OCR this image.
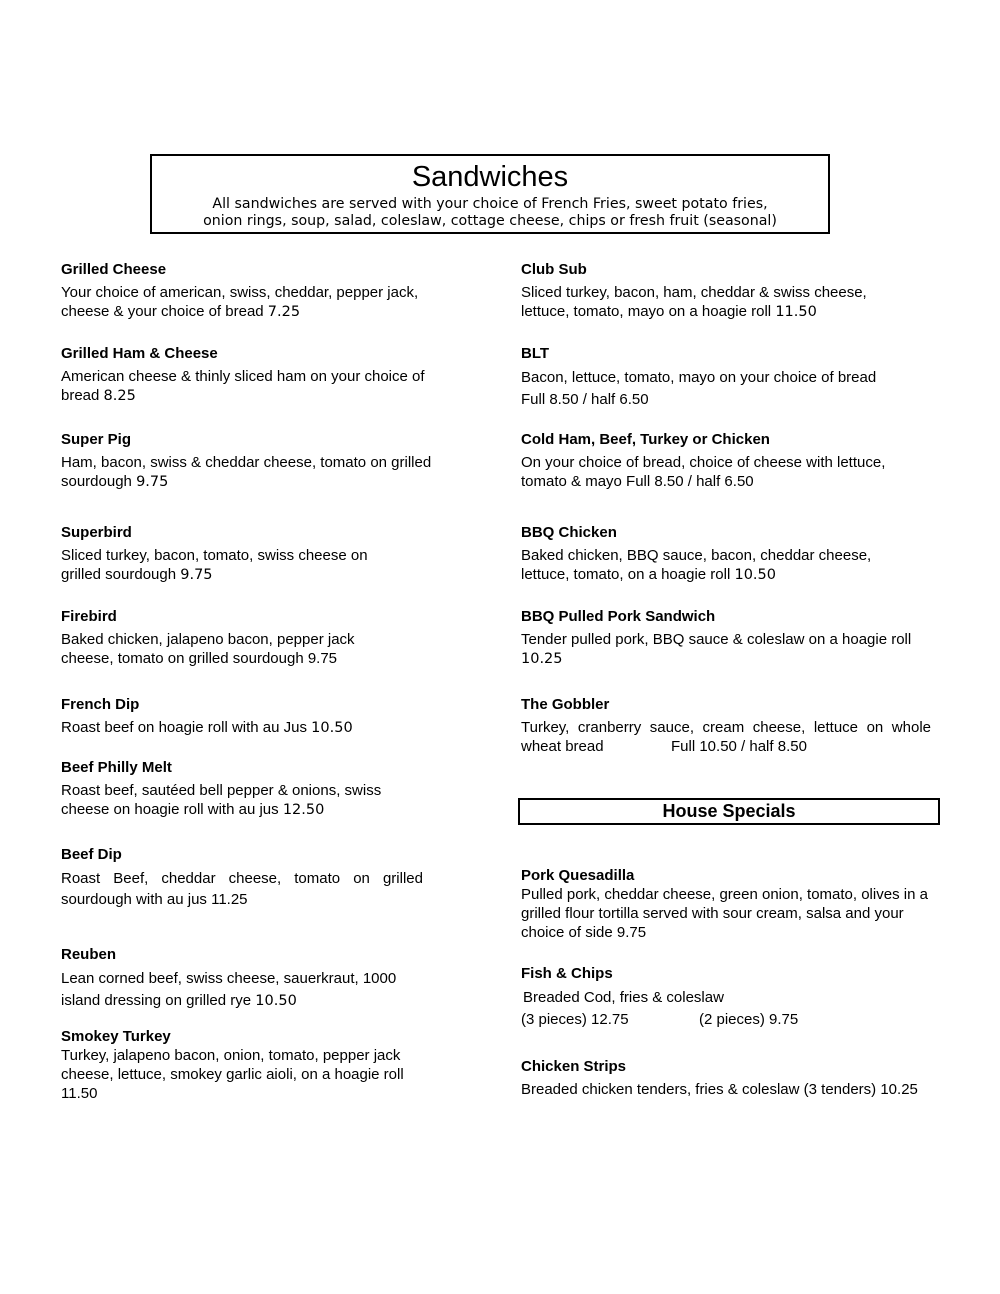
Sandwiches
All sandwiches are served with your choice of French Fries, sweet potato fries,
onion rings, soup, salad, coleslaw, cottage cheese, chips or fresh fruit (seasonal)
Grilled Cheese
Your choice of american, swiss, cheddar, pepper jack, cheese & your choice of bread 7.25
Grilled Ham & Cheese
American cheese & thinly sliced ham on your choice of bread 8.25
Super Pig
Ham, bacon, swiss & cheddar cheese, tomato on grilled sourdough 9.75
Superbird
Sliced turkey, bacon, tomato, swiss cheese on grilled sourdough 9.75
Firebird
Baked chicken, jalapeno bacon, pepper jack cheese, tomato on grilled sourdough 9.75
French Dip
Roast beef on hoagie roll with au Jus 10.50
Beef Philly Melt
Roast beef, sautéed bell pepper & onions, swiss cheese on hoagie roll with au jus 12.50
Beef Dip
Roast Beef, cheddar cheese, tomato on grilled sourdough with au jus 11.25
Reuben
Lean corned beef, swiss cheese, sauerkraut, 1000 island dressing on grilled rye 10.50
Smokey Turkey
Turkey, jalapeno bacon, onion, tomato, pepper jack cheese, lettuce, smokey garlic aioli, on a hoagie roll 11.50
Club Sub
Sliced turkey, bacon, ham, cheddar & swiss cheese, lettuce, tomato, mayo on a hoagie roll 11.50
BLT
Bacon, lettuce, tomato, mayo on your choice of bread
Full 8.50 / half 6.50
Cold Ham, Beef, Turkey or Chicken
On your choice of bread, choice of cheese with lettuce, tomato & mayo Full 8.50 / half 6.50
BBQ Chicken
Baked chicken, BBQ sauce, bacon, cheddar cheese, lettuce, tomato, on a hoagie roll 10.50
BBQ Pulled Pork Sandwich
Tender pulled pork, BBQ sauce & coleslaw on a hoagie roll 10.25
The Gobbler
Turkey, cranberry sauce, cream cheese, lettuce on whole wheat bread	Full 10.50 / half 8.50
House Specials
Pork Quesadilla
Pulled pork, cheddar cheese, green onion, tomato, olives in a grilled flour tortilla served with sour cream, salsa and your choice of side 9.75
Fish & Chips
Breaded Cod, fries & coleslaw
(3 pieces) 12.75	(2 pieces) 9.75
Chicken Strips
Breaded chicken tenders, fries & coleslaw (3 tenders) 10.25
